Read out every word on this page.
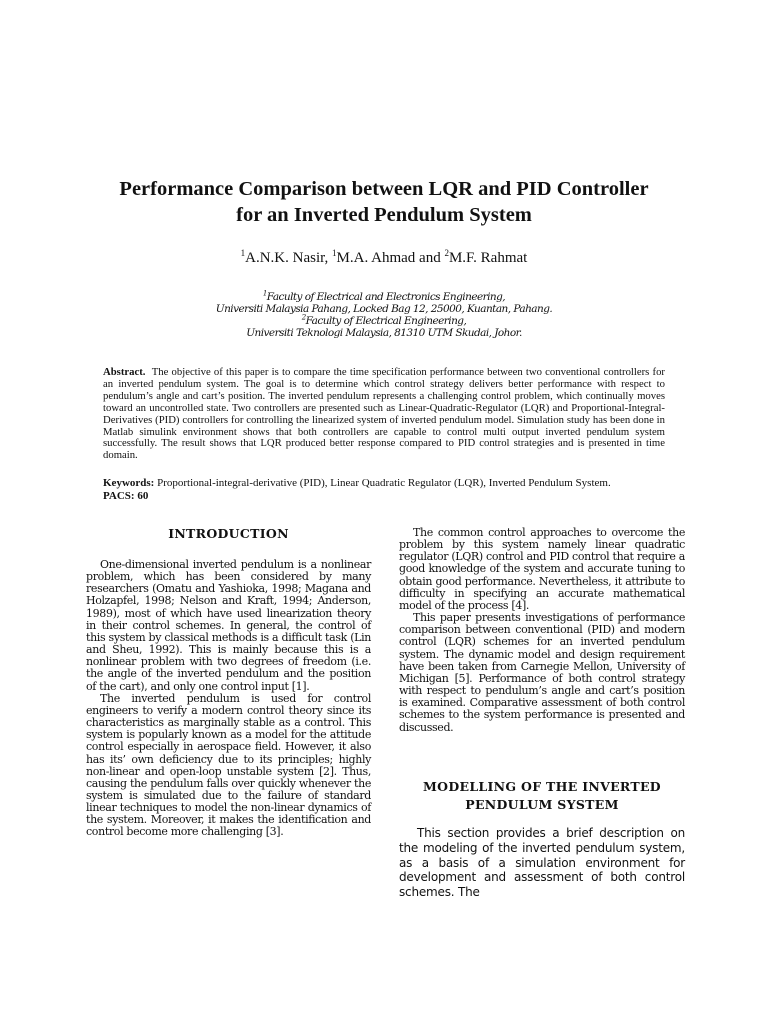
Performance Comparison between LQR and PID Controller
for an Inverted Pendulum System
$^1$A.N.K. Nasir, $^1$M.A. Ahmad and $^2$M.F. Rahmat
$^1$Faculty of Electrical and Electronics Engineering,
Universiti Malaysia Pahang, Locked Bag 12, 25000, Kuantan, Pahang.
$^2$Faculty of Electrical Engineering,
Universiti Teknologi Malaysia, 81310 UTM Skudai, Johor.
Abstract. The objective of this paper is to compare the time specification performance between two conventional controllers for an inverted pendulum system. The goal is to determine which control strategy delivers better performance with respect to pendulum’s angle and cart’s position. The inverted pendulum represents a challenging control problem, which continually moves toward an uncontrolled state. Two controllers are presented such as Linear-Quadratic-Regulator (LQR) and Proportional-Integral-Derivatives (PID) controllers for controlling the linearized system of inverted pendulum model. Simulation study has been done in Matlab simulink environment shows that both controllers are capable to control multi output inverted pendulum system successfully. The result shows that LQR produced better response compared to PID control strategies and is presented in time domain.
Keywords: Proportional-integral-derivative (PID), Linear Quadratic Regulator (LQR), Inverted Pendulum System.
PACS: 60
INTRODUCTION

One-dimensional inverted pendulum is a nonlinear problem, which has been considered by many researchers (Omatu and Yashioka, 1998; Magana and Holzapfel, 1998; Nelson and Kraft, 1994; Anderson, 1989), most of which have used linearization theory in their control schemes. In general, the control of this system by classical methods is a difficult task (Lin and Sheu, 1992). This is mainly because this is a nonlinear problem with two degrees of freedom (i.e. the angle of the inverted pendulum and the position of the cart), and only one control input [1].

The inverted pendulum is used for control engineers to verify a modern control theory since its characteristics as marginally stable as a control. This system is popularly known as a model for the attitude control especially in aerospace field. However, it also has its’ own deficiency due to its principles; highly non-linear and open-loop unstable system [2]. Thus, causing the pendulum falls over quickly whenever the system is simulated due to the failure of standard linear techniques to model the non-linear dynamics of the system. Moreover, it makes the identification and control become more challenging [3].

The common control approaches to overcome the problem by this system namely linear quadratic regulator (LQR) control and PID control that require a good knowledge of the system and accurate tuning to obtain good performance. Nevertheless, it attribute to difficulty in specifying an accurate mathematical model of the process [4].

This paper presents investigations of performance comparison between conventional (PID) and modern control (LQR) schemes for an inverted pendulum system. The dynamic model and design requirement have been taken from Carnegie Mellon, University of Michigan [5]. Performance of both control strategy with respect to pendulum’s angle and cart’s position is examined. Comparative assessment of both control schemes to the system performance is presented and discussed.

MODELLING OF THE INVERTED
PENDULUM SYSTEM

This section provides a brief description on the modeling of the inverted pendulum system, as a basis of a simulation environment for development and assessment of both control schemes. The
